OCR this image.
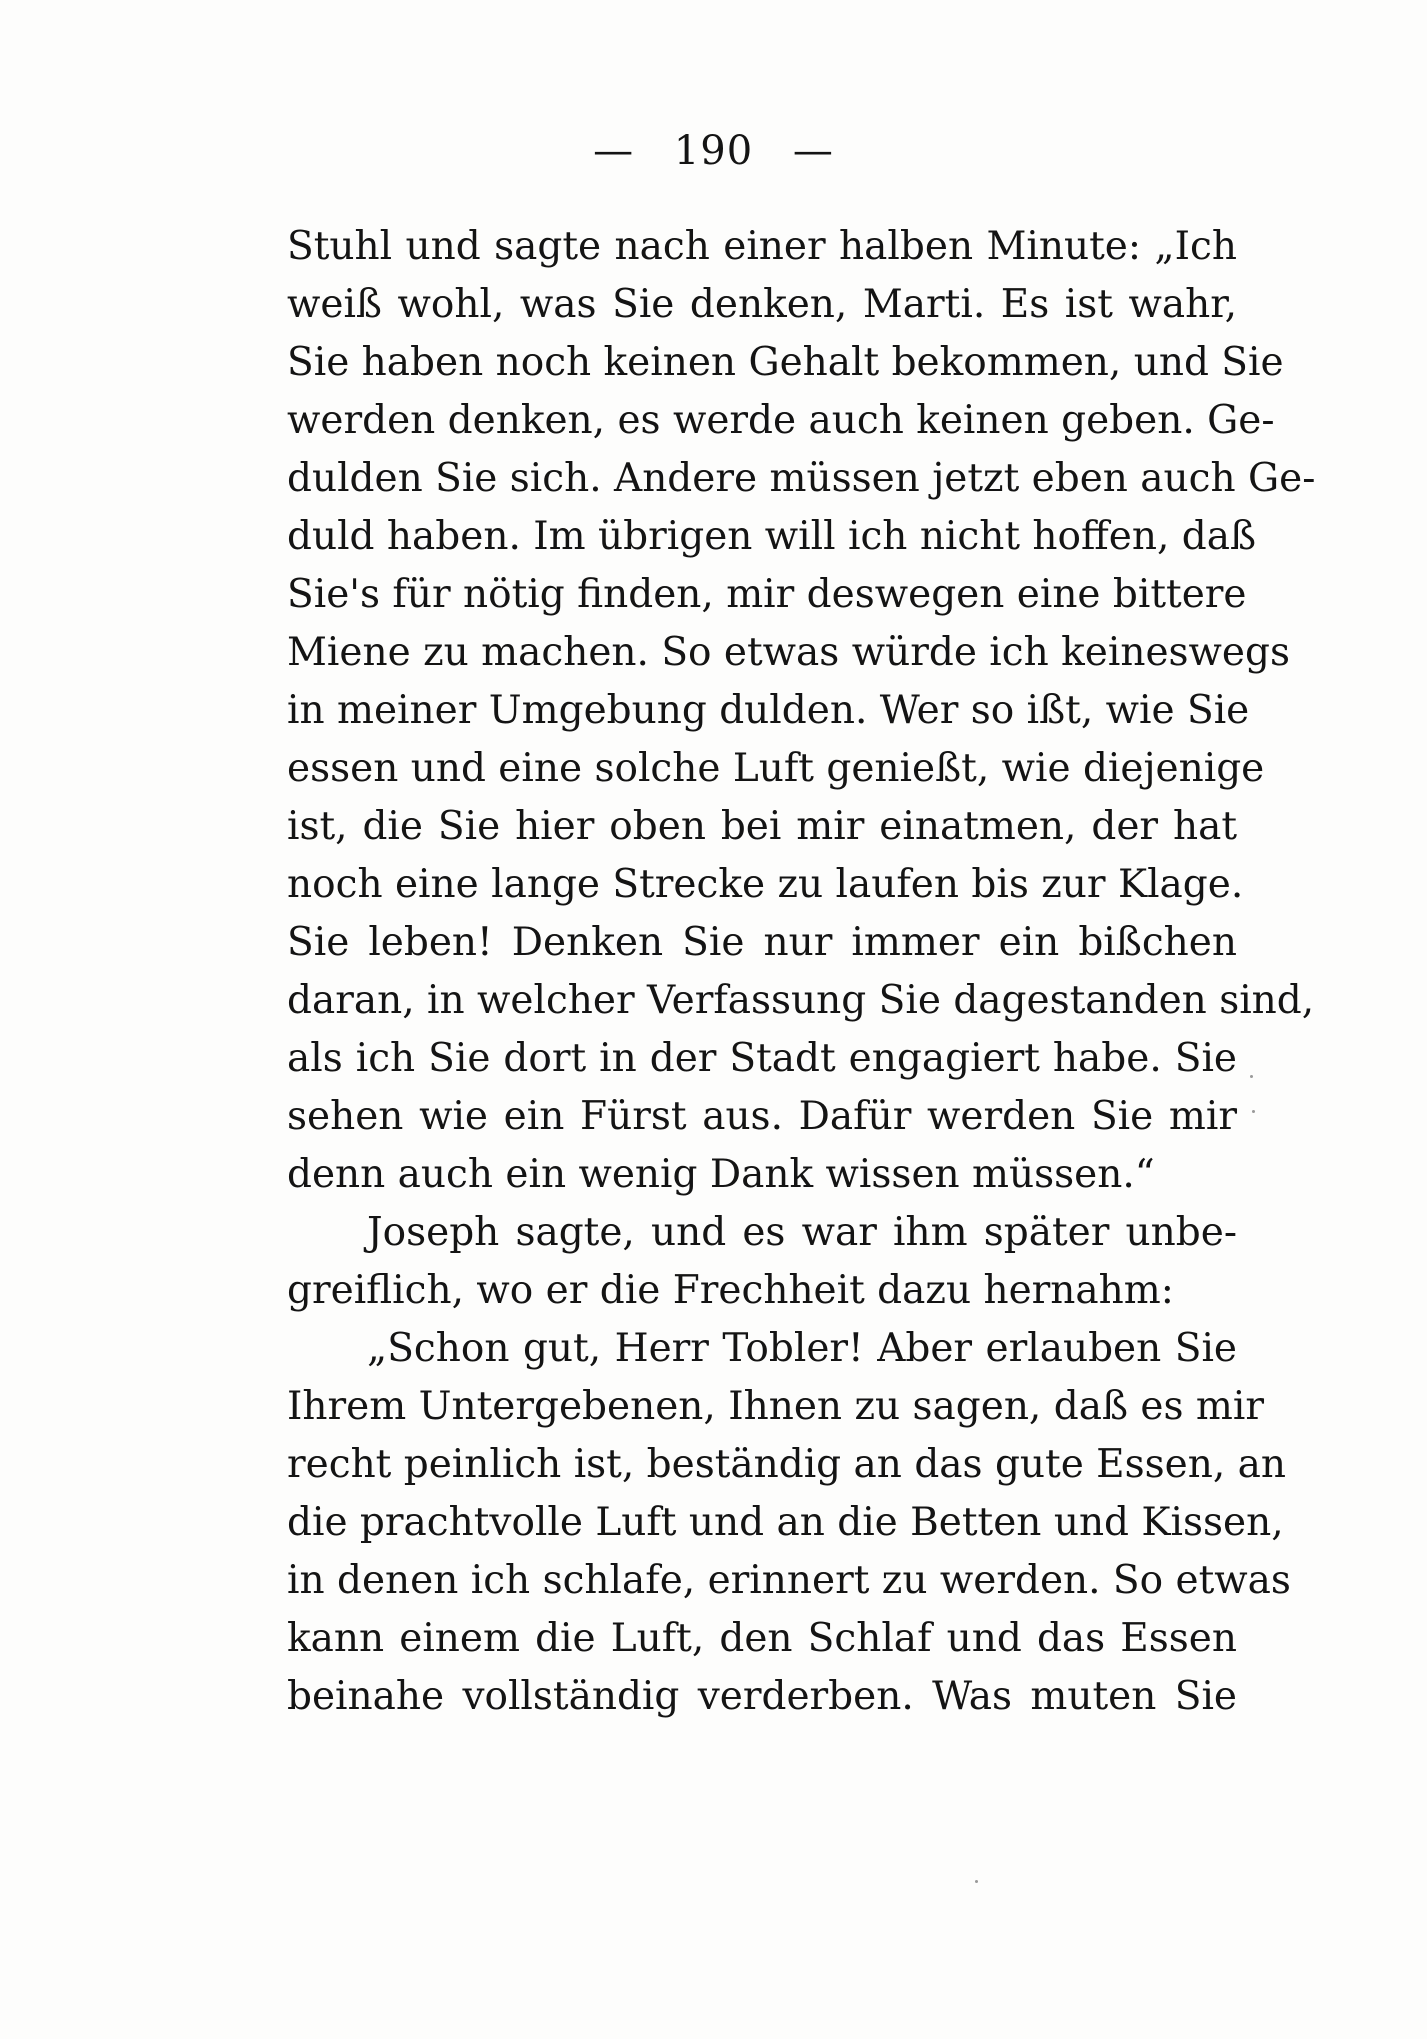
— 190 —
Stuhl und sagte nach einer halben Minute: „Ich
weiß wohl, was Sie denken, Marti. Es ist wahr,
Sie haben noch keinen Gehalt bekommen, und Sie
werden denken, es werde auch keinen geben. Ge-
dulden Sie sich. Andere müssen jetzt eben auch Ge-
duld haben. Im übrigen will ich nicht hoffen, daß
Sie's für nötig finden, mir deswegen eine bittere
Miene zu machen. So etwas würde ich keineswegs
in meiner Umgebung dulden. Wer so ißt, wie Sie
essen und eine solche Luft genießt, wie diejenige
ist, die Sie hier oben bei mir einatmen, der hat
noch eine lange Strecke zu laufen bis zur Klage.
Sie leben! Denken Sie nur immer ein bißchen
daran, in welcher Verfassung Sie dagestanden sind,
als ich Sie dort in der Stadt engagiert habe. Sie
sehen wie ein Fürst aus. Dafür werden Sie mir
denn auch ein wenig Dank wissen müssen.“
Joseph sagte, und es war ihm später unbe-
greiflich, wo er die Frechheit dazu hernahm:
„Schon gut, Herr Tobler! Aber erlauben Sie
Ihrem Untergebenen, Ihnen zu sagen, daß es mir
recht peinlich ist, beständig an das gute Essen, an
die prachtvolle Luft und an die Betten und Kissen,
in denen ich schlafe, erinnert zu werden. So etwas
kann einem die Luft, den Schlaf und das Essen
beinahe vollständig verderben. Was muten Sie
